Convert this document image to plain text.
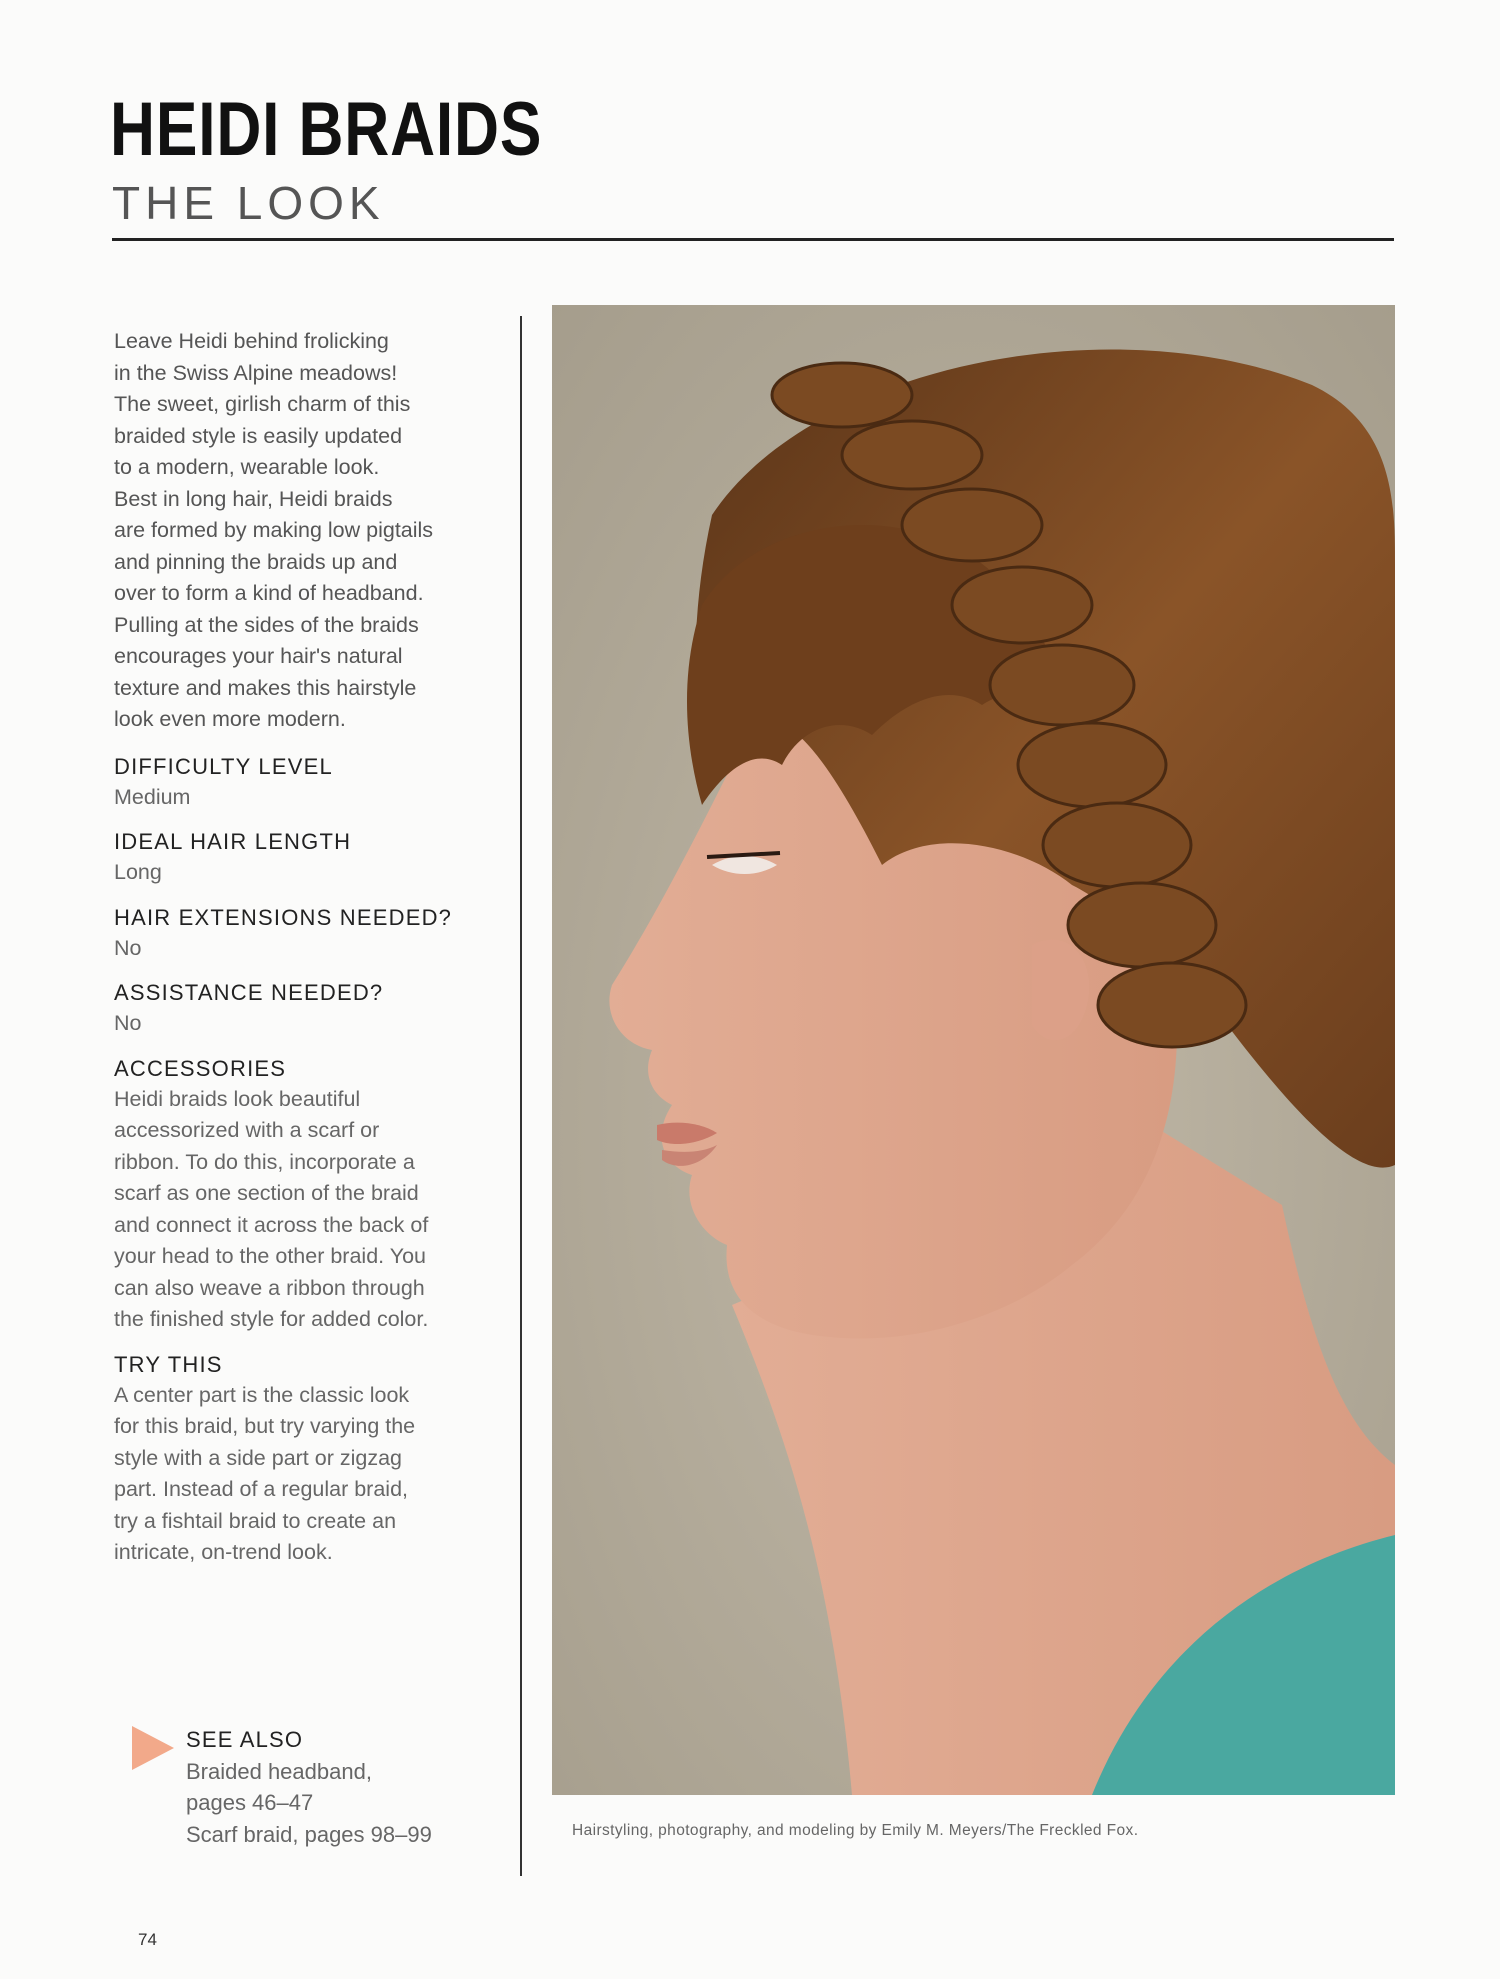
HEIDI BRAIDS
THE LOOK
Leave Heidi behind frolicking
in the Swiss Alpine meadows!
The sweet, girlish charm of this
braided style is easily updated
to a modern, wearable look.
Best in long hair, Heidi braids
are formed by making low pigtails
and pinning the braids up and
over to form a kind of headband.
Pulling at the sides of the braids
encourages your hair's natural
texture and makes this hairstyle
look even more modern.
DIFFICULTY LEVEL
Medium
IDEAL HAIR LENGTH
Long
HAIR EXTENSIONS NEEDED?
No
ASSISTANCE NEEDED?
No
ACCESSORIES
Heidi braids look beautiful
accessorized with a scarf or
ribbon. To do this, incorporate a
scarf as one section of the braid
and connect it across the back of
your head to the other braid. You
can also weave a ribbon through
the finished style for added color.
TRY THIS
A center part is the classic look
for this braid, but try varying the
style with a side part or zigzag
part. Instead of a regular braid,
try a fishtail braid to create an
intricate, on-trend look.
SEE ALSO
Braided headband,
pages 46–47
Scarf braid, pages 98–99	Hairstyling, photography, and modeling by Emily M. Meyers/The Freckled Fox.
74
